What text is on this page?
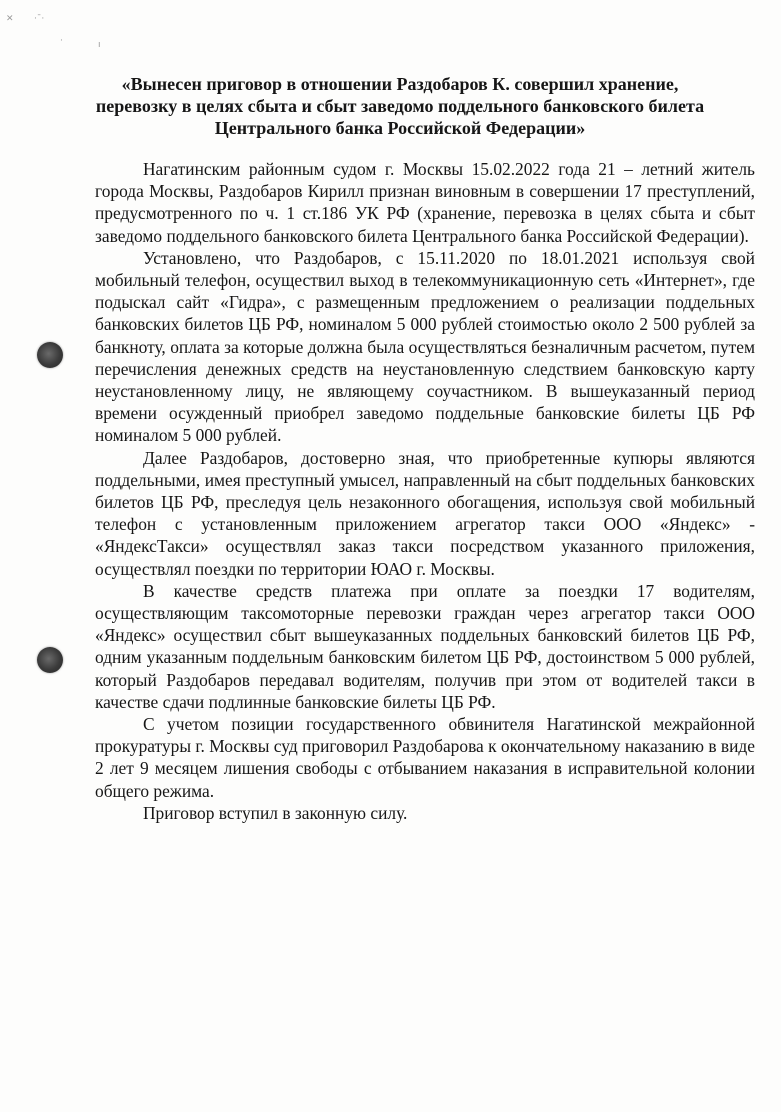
✕ ·ˉ·
·	ı
«Вынесен приговор в отношении Раздобаров К. совершил хранение,
перевозку в целях сбыта и сбыт заведомо поддельного банковского билета
Центрального банка Российской Федерации»

Нагатинским районным судом г. Москвы 15.02.2022 года 21 – летний житель города Москвы, Раздобаров Кирилл признан виновным в совершении 17 преступлений, предусмотренного по ч. 1 ст.186 УК РФ (хранение, перевозка в целях сбыта и сбыт заведомо поддельного банковского билета Центрального банка Российской Федерации).

Установлено, что Раздобаров, с 15.11.2020 по 18.01.2021 используя свой мобильный телефон, осуществил выход в телекоммуникационную сеть «Интернет», где подыскал сайт «Гидра», с размещенным предложением о реализации поддельных банковских билетов ЦБ РФ, номиналом 5 000 рублей стоимостью около 2 500 рублей за банкноту, оплата за которые должна была осуществляться безналичным расчетом, путем перечисления денежных средств на неустановленную следствием банковскую карту неустановленному лицу, не являющему соучастником. В вышеуказанный период времени осужденный приобрел заведомо поддельные банковские билеты ЦБ РФ номиналом 5 000 рублей.

Далее Раздобаров, достоверно зная, что приобретенные купюры являются поддельными, имея преступный умысел, направленный на сбыт поддельных банковских билетов ЦБ РФ, преследуя цель незаконного обогащения, используя свой мобильный телефон с установленным приложением агрегатор такси ООО «Яндекс» - «ЯндексТакси» осуществлял заказ такси посредством указанного приложения, осуществлял поездки по территории ЮАО г. Москвы.

В качестве средств платежа при оплате за поездки 17 водителям, осуществляющим таксомоторные перевозки граждан через агрегатор такси ООО «Яндекс» осуществил сбыт вышеуказанных поддельных банковский билетов ЦБ РФ, одним указанным поддельным банковским билетом ЦБ РФ, достоинством 5 000 рублей, который Раздобаров передавал водителям, получив при этом от водителей такси в качестве сдачи подлинные банковские билеты ЦБ РФ.

С учетом позиции государственного обвинителя Нагатинской межрайонной прокуратуры г. Москвы суд приговорил Раздобарова к окончательному наказанию в виде 2 лет 9 месяцем лишения свободы с отбыванием наказания в исправительной колонии общего режима.

Приговор вступил в законную силу.
